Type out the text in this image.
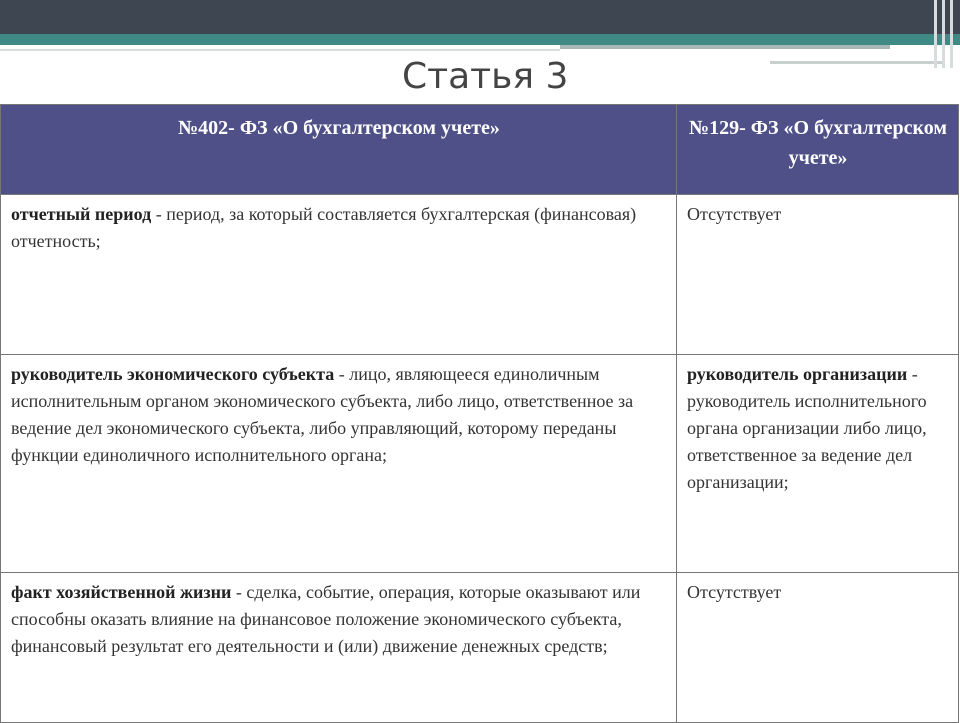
Статья 3
№402- ФЗ «О бухгалтерском учете»	№129- ФЗ «О бухгалтерском учете»
отчетный период - период, за который составляется бухгалтерская (финансовая) отчетность;	Отсутствует
руководитель экономического субъекта - лицо, являющееся единоличным исполнительным органом экономического субъекта, либо лицо, ответственное за ведение дел экономического субъекта, либо управляющий, которому переданы функции единоличного исполнительного органа;	руководитель организации - руководитель исполнительного органа организации либо лицо, ответственное за ведение дел организации;
факт хозяйственной жизни - сделка, событие, операция, которые оказывают или способны оказать влияние на финансовое положение экономического субъекта, финансовый результат его деятельности и (или) движение денежных средств;	Отсутствует
